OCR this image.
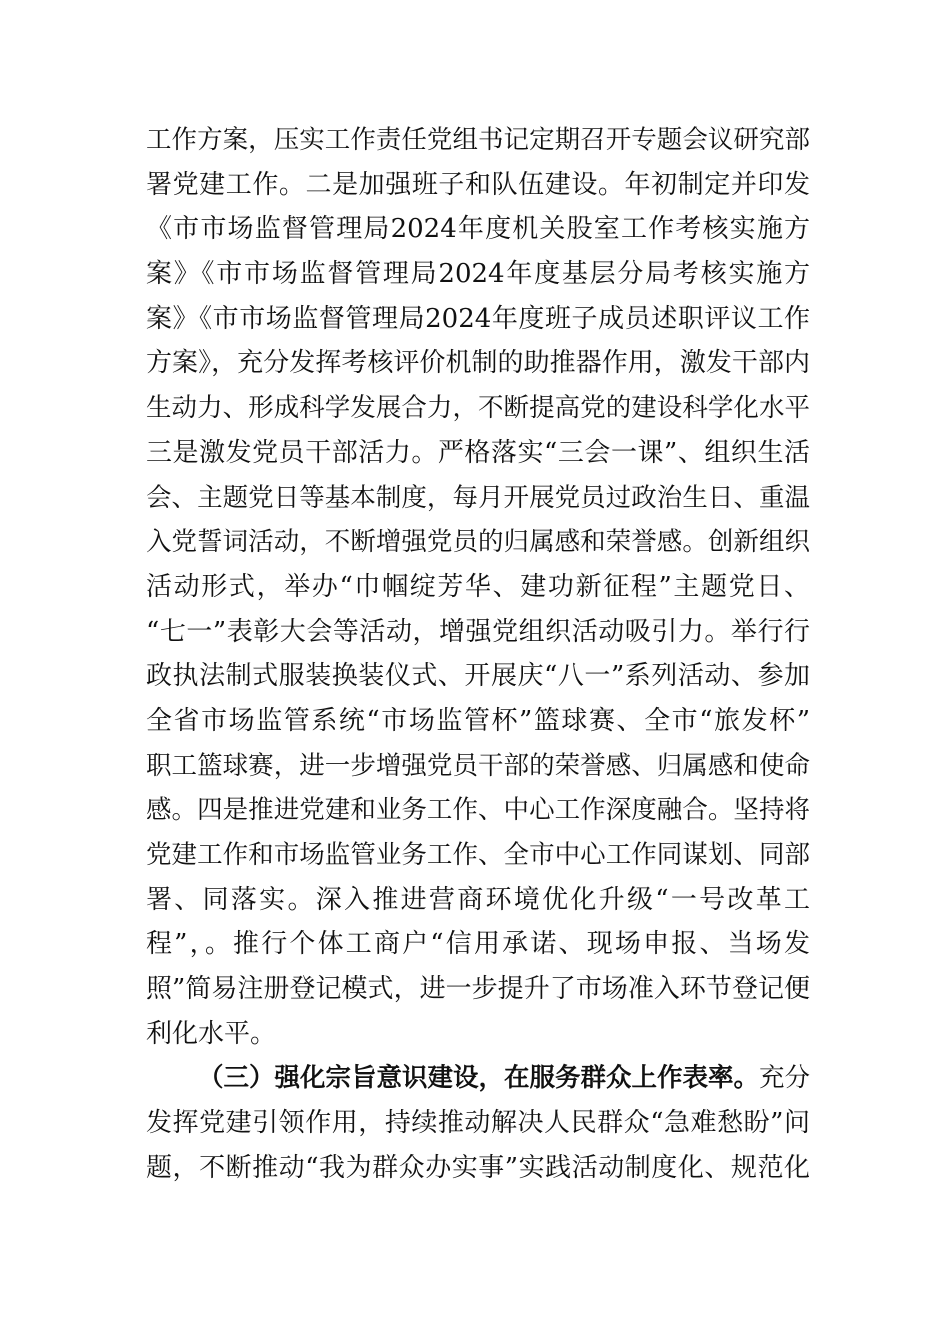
工作方案，压实工作责任党组书记定期召开专题会议研究部
署党建工作。二是加强班子和队伍建设。年初制定并印发
《市市场监督管理局2024年度机关股室工作考核实施方
案》《市市场监督管理局2024年度基层分局考核实施方
案》《市市场监督管理局2024年度班子成员述职评议工作
方案》，充分发挥考核评价机制的助推器作用，激发干部内
生动力、形成科学发展合力，不断提高党的建设科学化水平
三是激发党员干部活力。严格落实“三会一课”、组织生活
会、主题党日等基本制度，每月开展党员过政治生日、重温
入党誓词活动，不断增强党员的归属感和荣誉感。创新组织
活动形式，举办“巾帼绽芳华、建功新征程”主题党日、
“七一”表彰大会等活动，增强党组织活动吸引力。举行行
政执法制式服装换装仪式、开展庆“八一”系列活动、参加
全省市场监管系统“市场监管杯”篮球赛、全市“旅发杯”
职工篮球赛，进一步增强党员干部的荣誉感、归属感和使命
感。四是推进党建和业务工作、中心工作深度融合。坚持将
党建工作和市场监管业务工作、全市中心工作同谋划、同部
署、同落实。深入推进营商环境优化升级“一号改革工
程”，。推行个体工商户“信用承诺、现场申报、当场发
照”简易注册登记模式，进一步提升了市场准入环节登记便
利化水平。
（三）强化宗旨意识建设，在服务群众上作表率。充分
发挥党建引领作用，持续推动解决人民群众“急难愁盼”问
题，不断推动“我为群众办实事”实践活动制度化、规范化
